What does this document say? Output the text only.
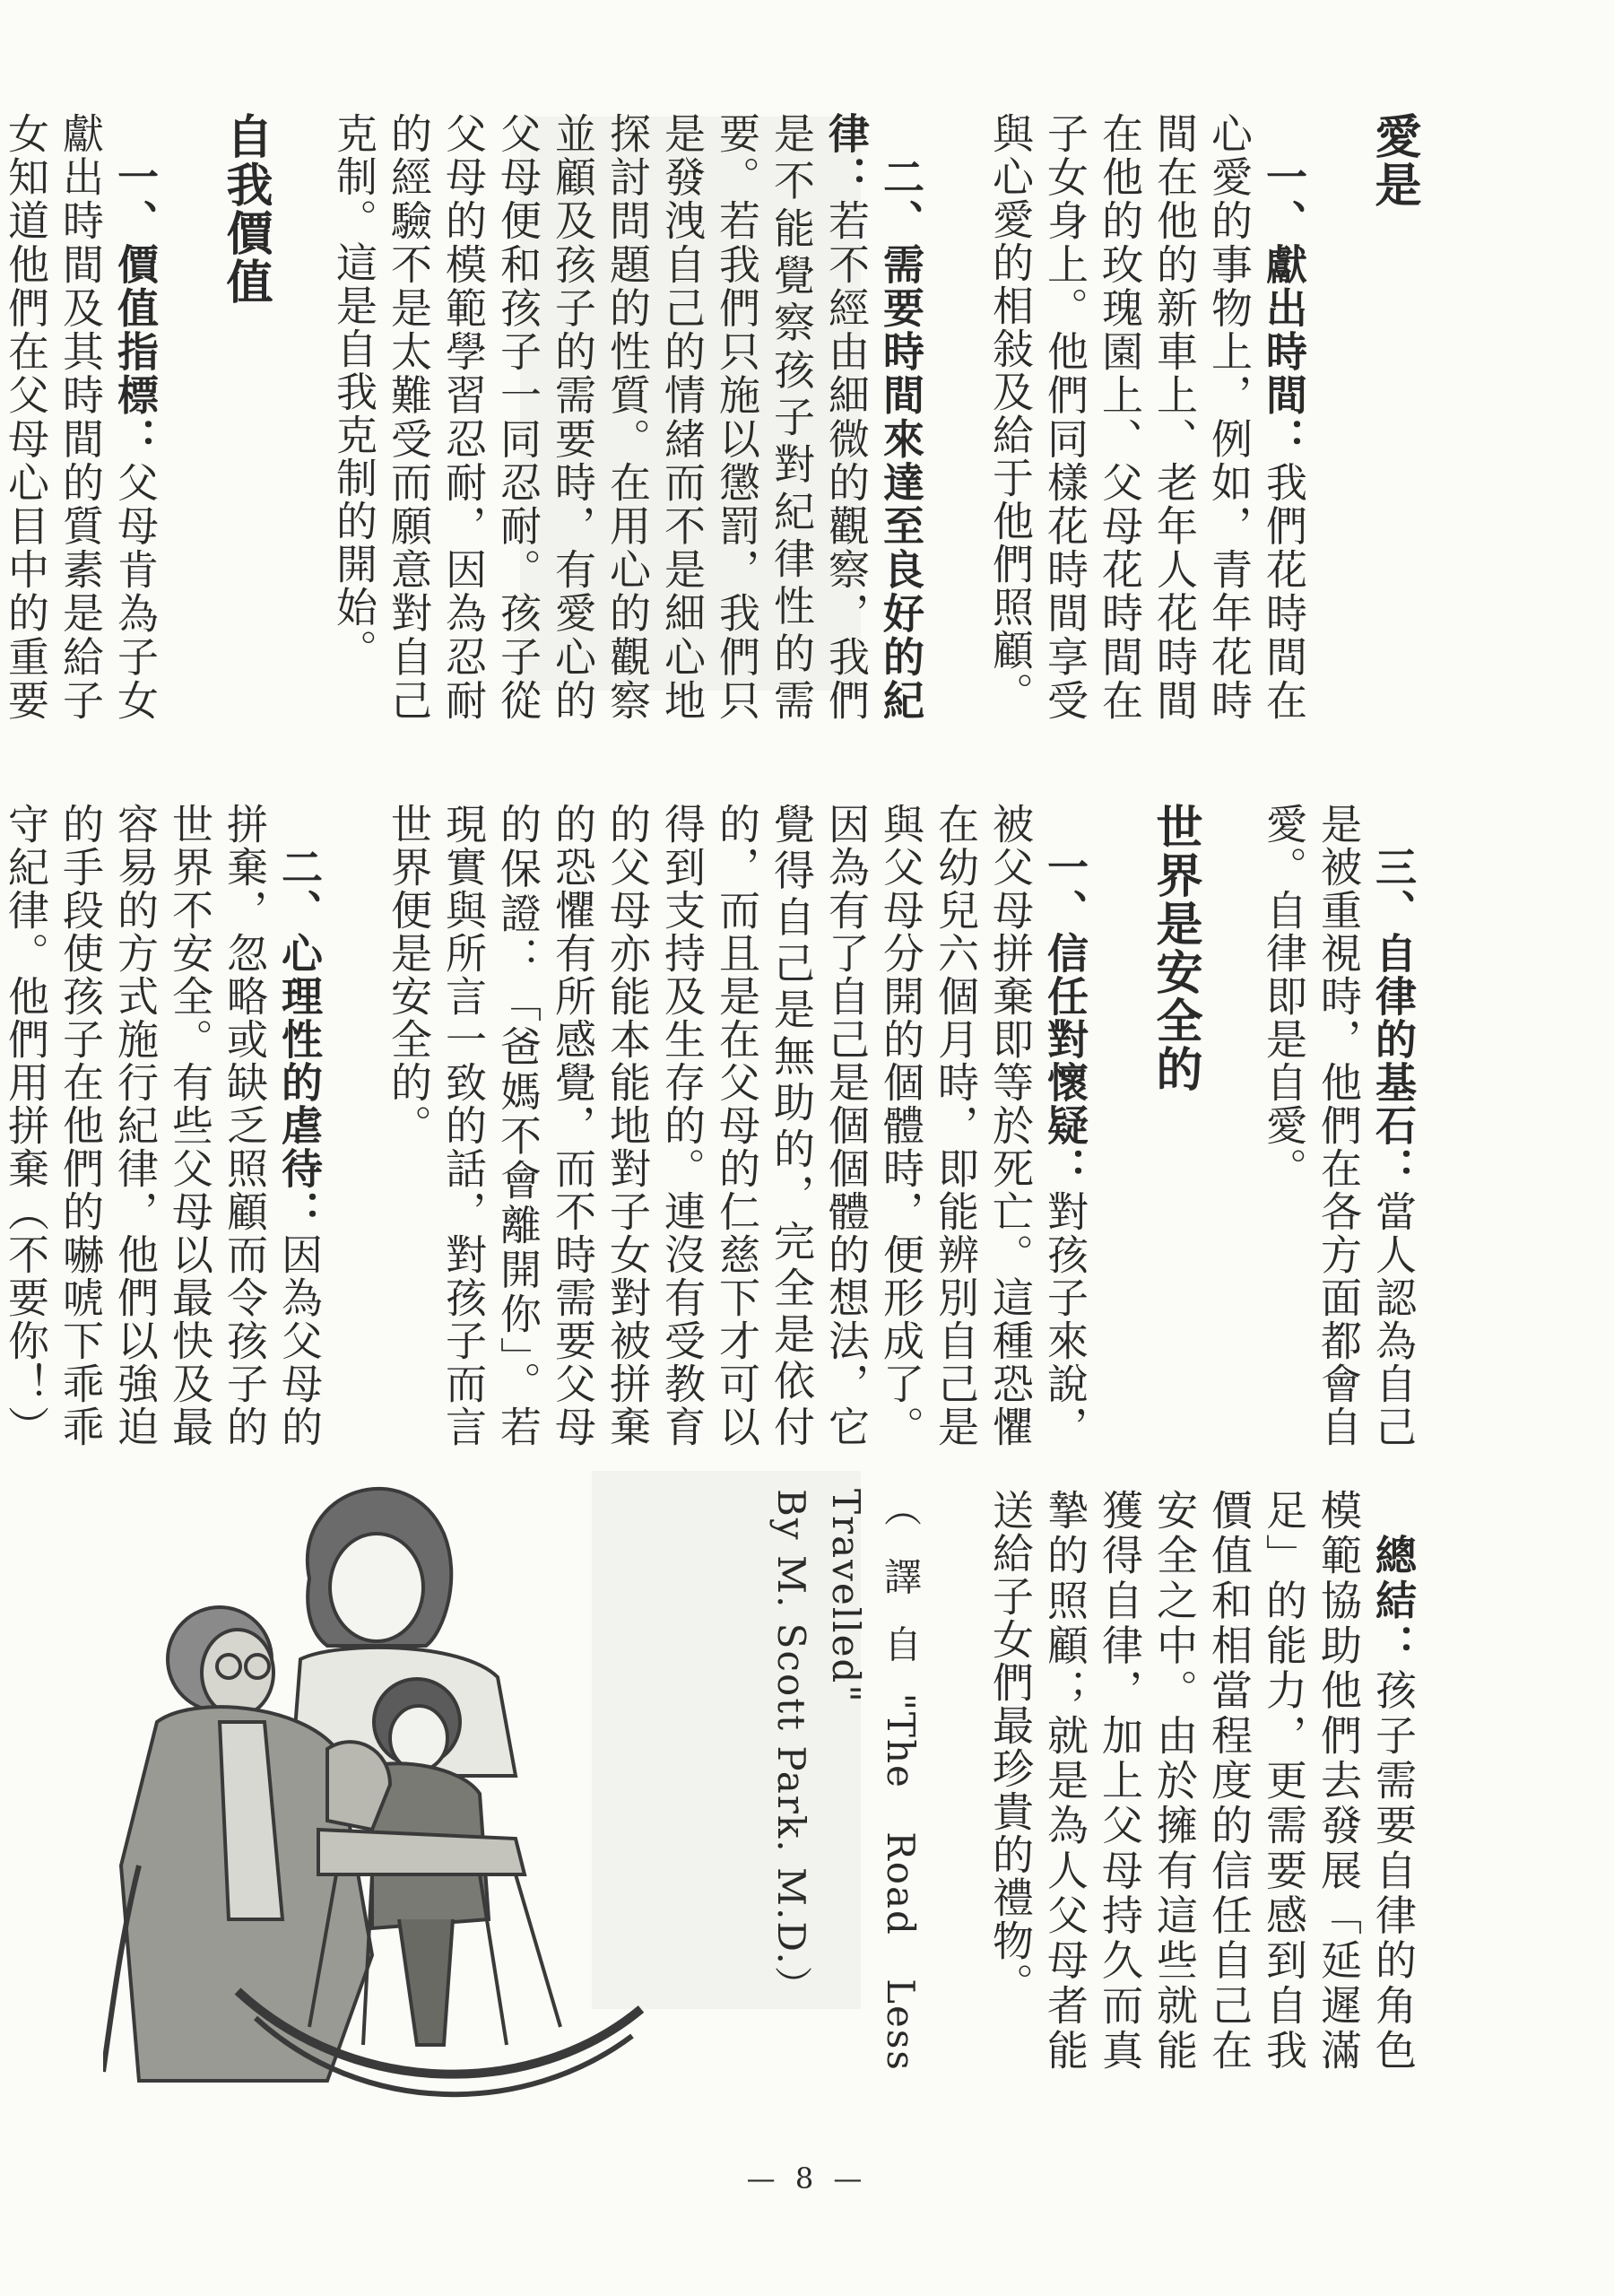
愛是

　一、獻出時間：我們花時間在心愛的事物上，例如，青年花時間在他的新車上、老年人花時間在他的玫瑰園上、父母花時間在子女身上。他們同樣花時間享受與心愛的相敍及給于他們照顧。

　二、需要時間來達至良好的紀律：若不經由細微的觀察，我們是不能覺察孩子對紀律性的需要。若我們只施以懲罰，我們只是發洩自己的情緒而不是細心地探討問題的性質。在用心的觀察並顧及孩子的需要時，有愛心的父母便和孩子一同忍耐。孩子從父母的模範學習忍耐，因為忍耐的經驗不是太難受而願意對自己克制。這是自我克制的開始。

自我價值

　一、價值指標：父母肯為子女獻出時間及其時間的質素是給子女知道他們在父母心目中的重要

　三、自律的基石：當人認為自己是被重視時，他們在各方面都會自愛。自律即是自愛。

世界是安全的

　一、信任對懷疑：對孩子來說，被父母拼棄即等於死亡。這種恐懼在幼兒六個月時，即能辨別自己是與父母分開的個體時，便形成了。因為有了自己是個個體的想法，它覺得自己是無助的，完全是依付的，而且是在父母的仁慈下才可以得到支持及生存的。連沒有受教育的父母亦能本能地對子女對被拼棄的恐懼有所感覺，而不時需要父母的保證：「爸媽不會離開你」。若現實與所言一致的話，對孩子而言世界便是安全的。

　二、心理性的虐待：因為父母的拼棄，忽略或缺乏照顧而令孩子的世界不安全。有些父母以最快及最容易的方式施行紀律，他們以強迫的手段使孩子在他們的嚇唬下乖乖守紀律。他們用拼棄（不要你！）

　總結：孩子需要自律的角色模範協助他們去發展「延遲滿足」的能力，更需要感到自我價值和相當程度的信任自己在安全之中。由於擁有這些就能獲得自律，加上父母持久而真摯的照顧；就是為人父母者能送給子女們最珍貴的禮物。

（譯自"The Road Less Travelled"
By M. Scott Park. M.D.）

— 8 —
